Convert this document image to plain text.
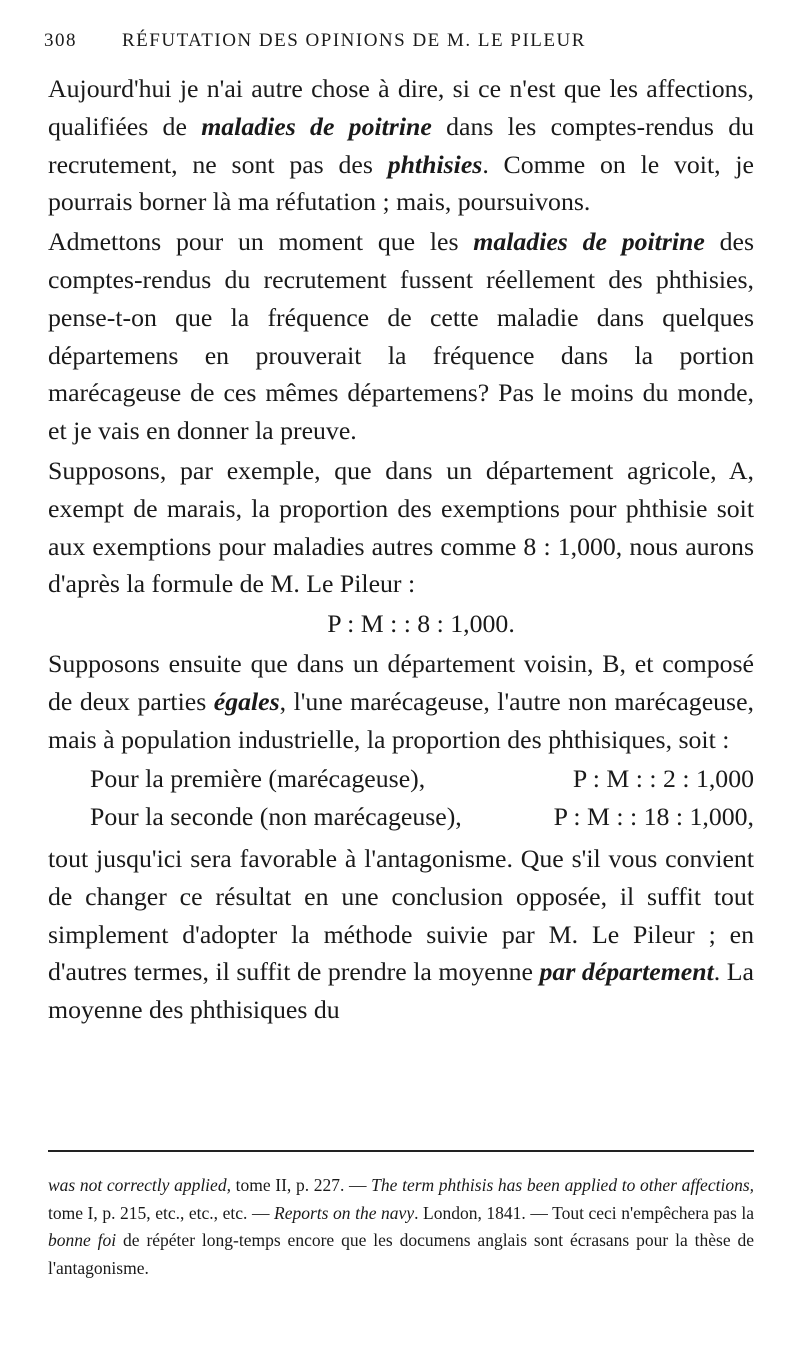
308 RÉFUTATION DES OPINIONS DE M. LE PILEUR

Aujourd'hui je n'ai autre chose à dire, si ce n'est que les affections, qualifiées de maladies de poitrine dans les comptes-rendus du recrutement, ne sont pas des phthisies. Comme on le voit, je pourrais borner là ma réfutation ; mais, poursuivons.

Admettons pour un moment que les maladies de poitrine des comptes-rendus du recrutement fussent réellement des phthisies, pense-t-on que la fréquence de cette maladie dans quelques départemens en prouverait la fréquence dans la portion marécageuse de ces mêmes départemens? Pas le moins du monde, et je vais en donner la preuve.

Supposons, par exemple, que dans un département agricole, A, exempt de marais, la proportion des exemptions pour phthisie soit aux exemptions pour maladies autres comme 8 : 1,000, nous aurons d'après la formule de M. Le Pileur :

P : M : : 8 : 1,000.

Supposons ensuite que dans un département voisin, B, et composé de deux parties égales, l'une marécageuse, l'autre non marécageuse, mais à population industrielle, la proportion des phthisiques, soit :

Pour la première (marécageuse),	P : M : : 2 : 1,000
Pour la seconde (non marécageuse),	P : M : : 18 : 1,000,

tout jusqu'ici sera favorable à l'antagonisme. Que s'il vous convient de changer ce résultat en une conclusion opposée, il suffit tout simplement d'adopter la méthode suivie par M. Le Pileur ; en d'autres termes, il suffit de prendre la moyenne par département. La moyenne des phthisiques du

was not correctly applied, tome II, p. 227. — The term phthisis has been applied to other affections, tome I, p. 215, etc., etc., etc. — Reports on the navy. London, 1841. — Tout ceci n'empêchera pas la bonne foi de répéter long-temps encore que les documens anglais sont écrasans pour la thèse de l'antagonisme.
